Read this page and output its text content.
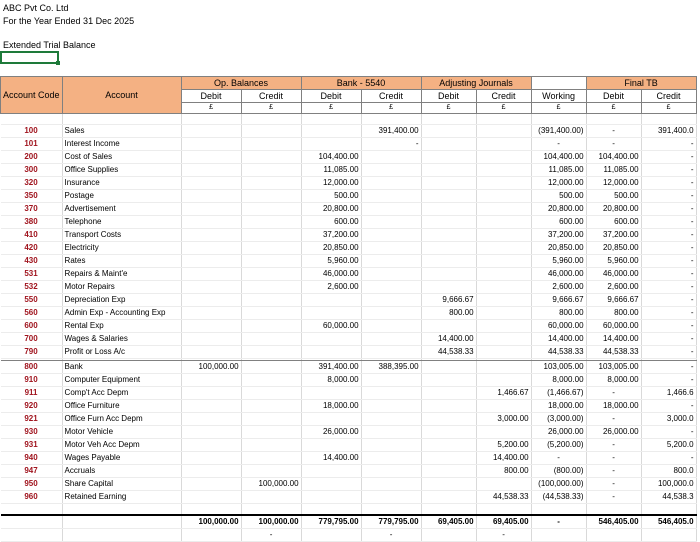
ABC Pvt Co. Ltd
For the Year Ended 31 Dec 2025
Extended Trial Balance
Account Code	Account	Op. Balances		Bank - 5540		Adjusting Journals			Final TB	
		Debit	Credit	Debit	Credit	Debit	Credit	Working	Debit	Credit
		£	£	£	£	£	£	£	£	£

100	Sales				391,400.00			(391,400.00)	-	391,400.0
101	Interest Income				-			-	-	-
200	Cost of Sales			104,400.00				104,400.00	104,400.00	-
300	Office Supplies			11,085.00				11,085.00	11,085.00	-
320	Insurance			12,000.00				12,000.00	12,000.00	-
350	Postage			500.00				500.00	500.00	-
370	Advertisement			20,800.00				20,800.00	20,800.00	-
380	Telephone			600.00				600.00	600.00	-
410	Transport Costs			37,200.00				37,200.00	37,200.00	-
420	Electricity			20,850.00				20,850.00	20,850.00	-
430	Rates			5,960.00				5,960.00	5,960.00	-
531	Repairs & Maint'e			46,000.00				46,000.00	46,000.00	-
532	Motor Repairs			2,600.00				2,600.00	2,600.00	-
550	Depreciation Exp					9,666.67		9,666.67	9,666.67	-
560	Admin Exp - Accounting Exp					800.00		800.00	800.00	-
600	Rental Exp			60,000.00				60,000.00	60,000.00	-
700	Wages & Salaries					14,400.00		14,400.00	14,400.00	-
790	Profit or Loss A/c					44,538.33		44,538.33	44,538.33	-

800	Bank	100,000.00		391,400.00	388,395.00			103,005.00	103,005.00	-
910	Computer Equipment			8,000.00				8,000.00	8,000.00	-
911	Comp't Acc Depm						1,466.67	(1,466.67)	-	1,466.6
920	Office Furniture			18,000.00				18,000.00	18,000.00	-
921	Office Furn Acc Depm						3,000.00	(3,000.00)	-	3,000.0
930	Motor Vehicle			26,000.00				26,000.00	26,000.00	-
931	Motor Veh Acc Depm						5,200.00	(5,200.00)	-	5,200.0
940	Wages Payable			14,400.00			14,400.00	-	-	-
947	Accruals						800.00	(800.00)	-	800.0
950	Share Capital		100,000.00					(100,000.00)	-	100,000.0
960	Retained Earning						44,538.33	(44,538.33)	-	44,538.3

		100,000.00	100,000.00	779,795.00	779,795.00	69,405.00	69,405.00	-	546,405.00	546,405.0
			-		-		-			
